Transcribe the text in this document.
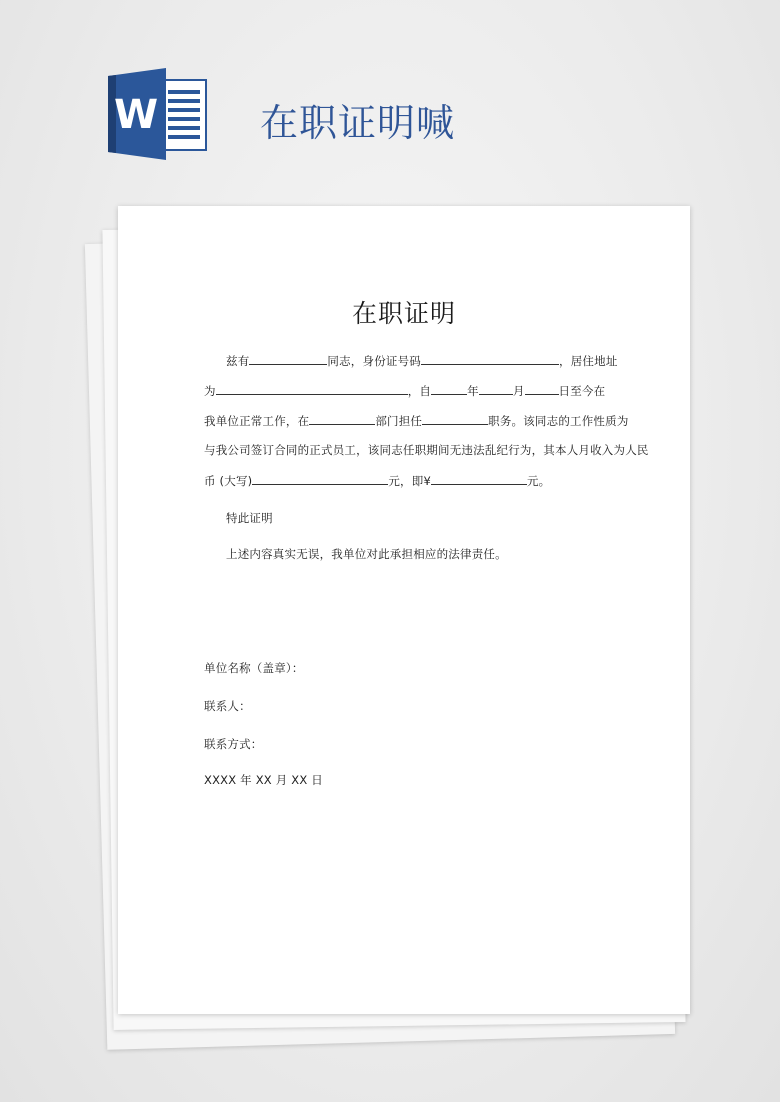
W	在职证明喊
在职证明
兹有	同志，身份证号码	，居住地址
为	，自	年	月	日至今在
我单位正常工作，在	部门担任	职务。该同志的工作性质为
与我公司签订合同的正式员工，该同志任职期间无违法乱纪行为，其本人月收入为人民
币 (大写)	元，即¥	元。
特此证明
上述内容真实无误，我单位对此承担相应的法律责任。
单位名称（盖章）：
联系人：
联系方式：
XXXX 年 XX 月 XX 日
